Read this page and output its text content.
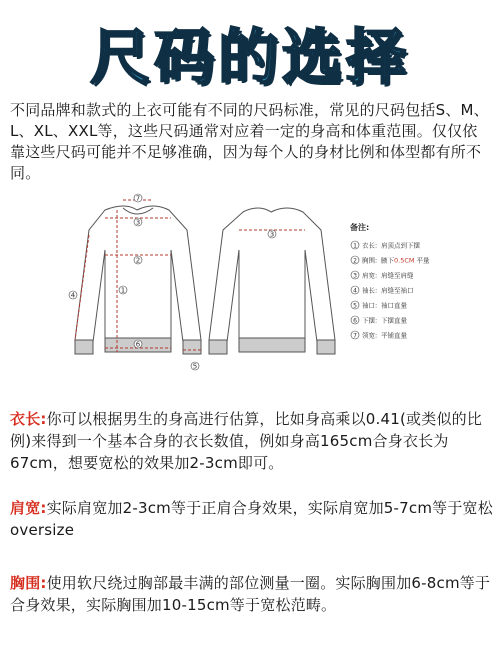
尺码的选择

不同品牌和款式的上衣可能有不同的尺码标准，常见的尺码包括S、M、L、XL、XXL等，这些尺码通常对应着一定的身高和体重范围。仅仅依靠这些尺码可能并不足够准确，因为每个人的身材比例和体型都有所不同。

7
3
2
1
4
6
5
3
备注:
1 衣长: 肩顶点到下摆
2 胸围: 腋下0.5CM 平量
3 肩宽: 肩缝至肩缝
4 袖长: 肩缝至袖口
5 袖口: 袖口直量
6 下摆: 下摆直量
7 领宽: 平铺直量

衣长:你可以根据男生的身高进行估算，比如身高乘以0.41(或类似的比例)来得到一个基本合身的衣长数值，例如身高165cm合身衣长为67cm，想要宽松的效果加2-3cm即可。

肩宽:实际肩宽加2-3cm等于正肩合身效果，实际肩宽加5-7cm等于宽松 oversize

胸围:使用软尺绕过胸部最丰满的部位测量一圈。实际胸围加6-8cm等于合身效果，实际胸围加10-15cm等于宽松范畴。
